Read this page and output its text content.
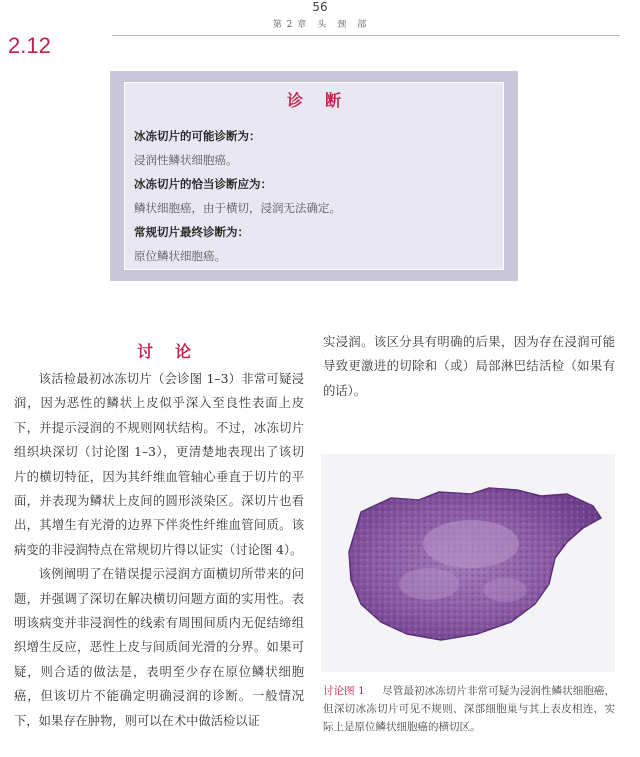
56
第 2 章　头　颈　部
2.12
诊断
冰冻切片的可能诊断为：
浸润性鳞状细胞癌。
冰冻切片的恰当诊断应为：
鳞状细胞癌，由于横切，浸润无法确定。
常规切片最终诊断为：
原位鳞状细胞癌。
讨论

该活检最初冰冻切片（会诊图 1–3）非常可疑浸润，因为恶性的鳞状上皮似乎深入至良性表面上皮下，并提示浸润的不规则网状结构。不过，冰冻切片组织块深切（讨论图 1–3），更清楚地表现出了该切片的横切特征，因为其纤维血管轴心垂直于切片的平面，并表现为鳞状上皮间的圆形淡染区。深切片也看出，其增生有光滑的边界下伴炎性纤维血管间质。该病变的非浸润特点在常规切片得以证实（讨论图 4）。

该例阐明了在错误提示浸润方面横切所带来的问题，并强调了深切在解决横切问题方面的实用性。表明该病变并非浸润性的线索有周围间质内无促结缔组织增生反应，恶性上皮与间质间光滑的分界。如果可疑，则合适的做法是，表明至少存在原位鳞状细胞癌，但该切片不能确定明确浸润的诊断。一般情况下，如果存在肿物，则可以在术中做活检以证

实浸润。该区分具有明确的后果，因为存在浸润可能导致更激进的切除和（或）局部淋巴结活检（如果有的话）。

讨论图 1 　 尽管最初冰冻切片非常可疑为浸润性鳞状细胞癌，但深切冰冻切片可见不规则、深部细胞巢与其上表皮相连，实际上是原位鳞状细胞癌的横切区。
